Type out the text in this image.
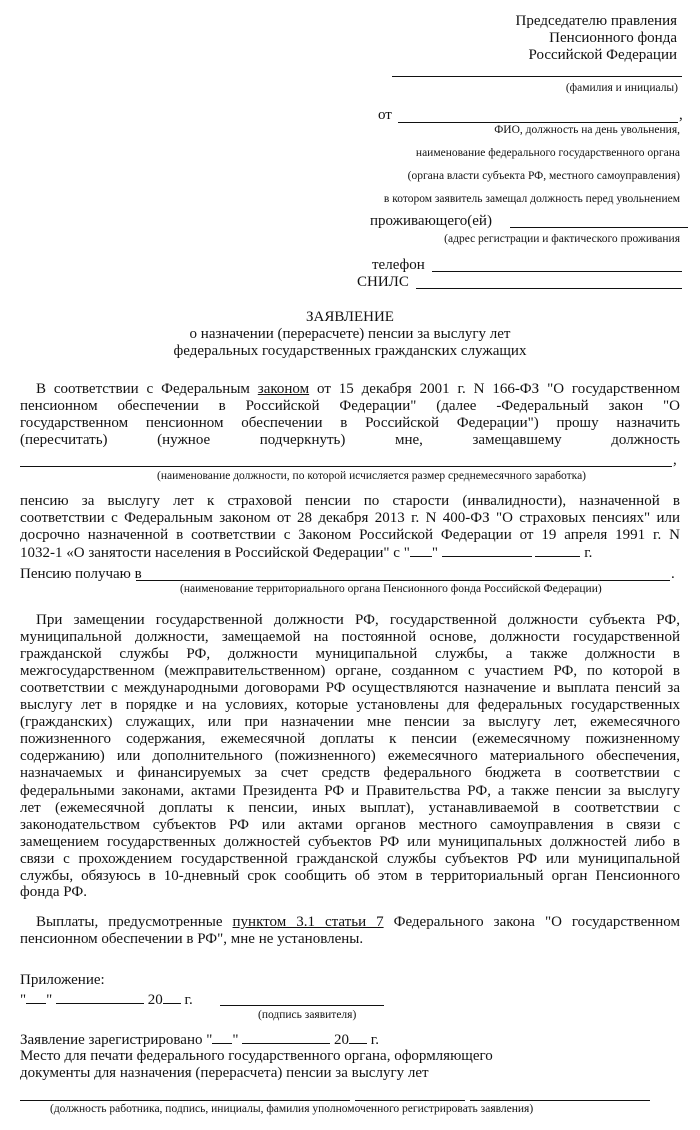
Председателю правления
Пенсионного фонда
Российской Федерации
(фамилия и инициалы)
от	,
ФИО, должность на день увольнения,
наименование федерального государственного органа
(органа власти субъекта РФ, местного самоуправления)
в котором заявитель замещал должность перед увольнением
проживающего(ей)
(адрес регистрации и фактического проживания
телефон
СНИЛС
ЗАЯВЛЕНИЕ
о назначении (перерасчете) пенсии за выслугу лет
федеральных государственных гражданских служащих
В соответствии с Федеральным законом от 15 декабря 2001 г. N 166-ФЗ "О государственном
пенсионном обеспечении в Российской Федерации" (далее -Федеральный закон "О
государственном пенсионном обеспечении в Российской Федерации") прошу назначить
(пересчитать) (нужное подчеркнуть) мне, замещавшему должность
,
(наименование должности, по которой исчисляется размер среднемесячного заработка)
пенсию за выслугу лет к страховой пенсии по старости (инвалидности), назначенной в
соответствии с Федеральным законом от 28 декабря 2013 г. N 400-ФЗ "О страховых пенсиях" или
досрочно назначенной в соответствии с Законом Российской Федерации от 19 апреля 1991 г. N
1032-1 «О занятости населения в Российской Федерации" с " "	г.
Пенсию получаю в	.
(наименование территориального органа Пенсионного фонда Российской Федерации)
При замещении государственной должности РФ, государственной должности субъекта РФ,
муниципальной должности, замещаемой на постоянной основе, должности государственной
гражданской службы РФ, должности муниципальной службы, а также должности в
межгосударственном (межправительственном) органе, созданном с участием РФ, по которой в
соответствии с международными договорами РФ осуществляются назначение и выплата пенсий за
выслугу лет в порядке и на условиях, которые установлены для федеральных государственных
(гражданских) служащих, или при назначении мне пенсии за выслугу лет, ежемесячного
пожизненного содержания, ежемесячной доплаты к пенсии (ежемесячному пожизненному
содержанию) или дополнительного (пожизненного) ежемесячного материального обеспечения,
назначаемых и финансируемых за счет средств федерального бюджета в соответствии с
федеральными законами, актами Президента РФ и Правительства РФ, а также пенсии за выслугу
лет (ежемесячной доплаты к пенсии, иных выплат), устанавливаемой в соответствии с
законодательством субъектов РФ или актами органов местного самоуправления в связи с
замещением государственных должностей субъектов РФ или муниципальных должностей либо в
связи с прохождением государственной гражданской службы субъектов РФ или муниципальной
службы, обязуюсь в 10-дневный срок сообщить об этом в территориальный орган Пенсионного
фонда РФ.
Выплаты, предусмотренные пунктом 3.1 статьи 7 Федерального закона "О государственном
пенсионном обеспечении в РФ", мне не установлены.
Приложение:
" "	20 г.
(подпись заявителя)
Заявление зарегистрировано " "	20 г.
Место для печати федерального государственного органа, оформляющего
документы для назначения (перерасчета) пенсии за выслугу лет
(должность работника, подпись, инициалы, фамилия уполномоченного регистрировать заявления)
